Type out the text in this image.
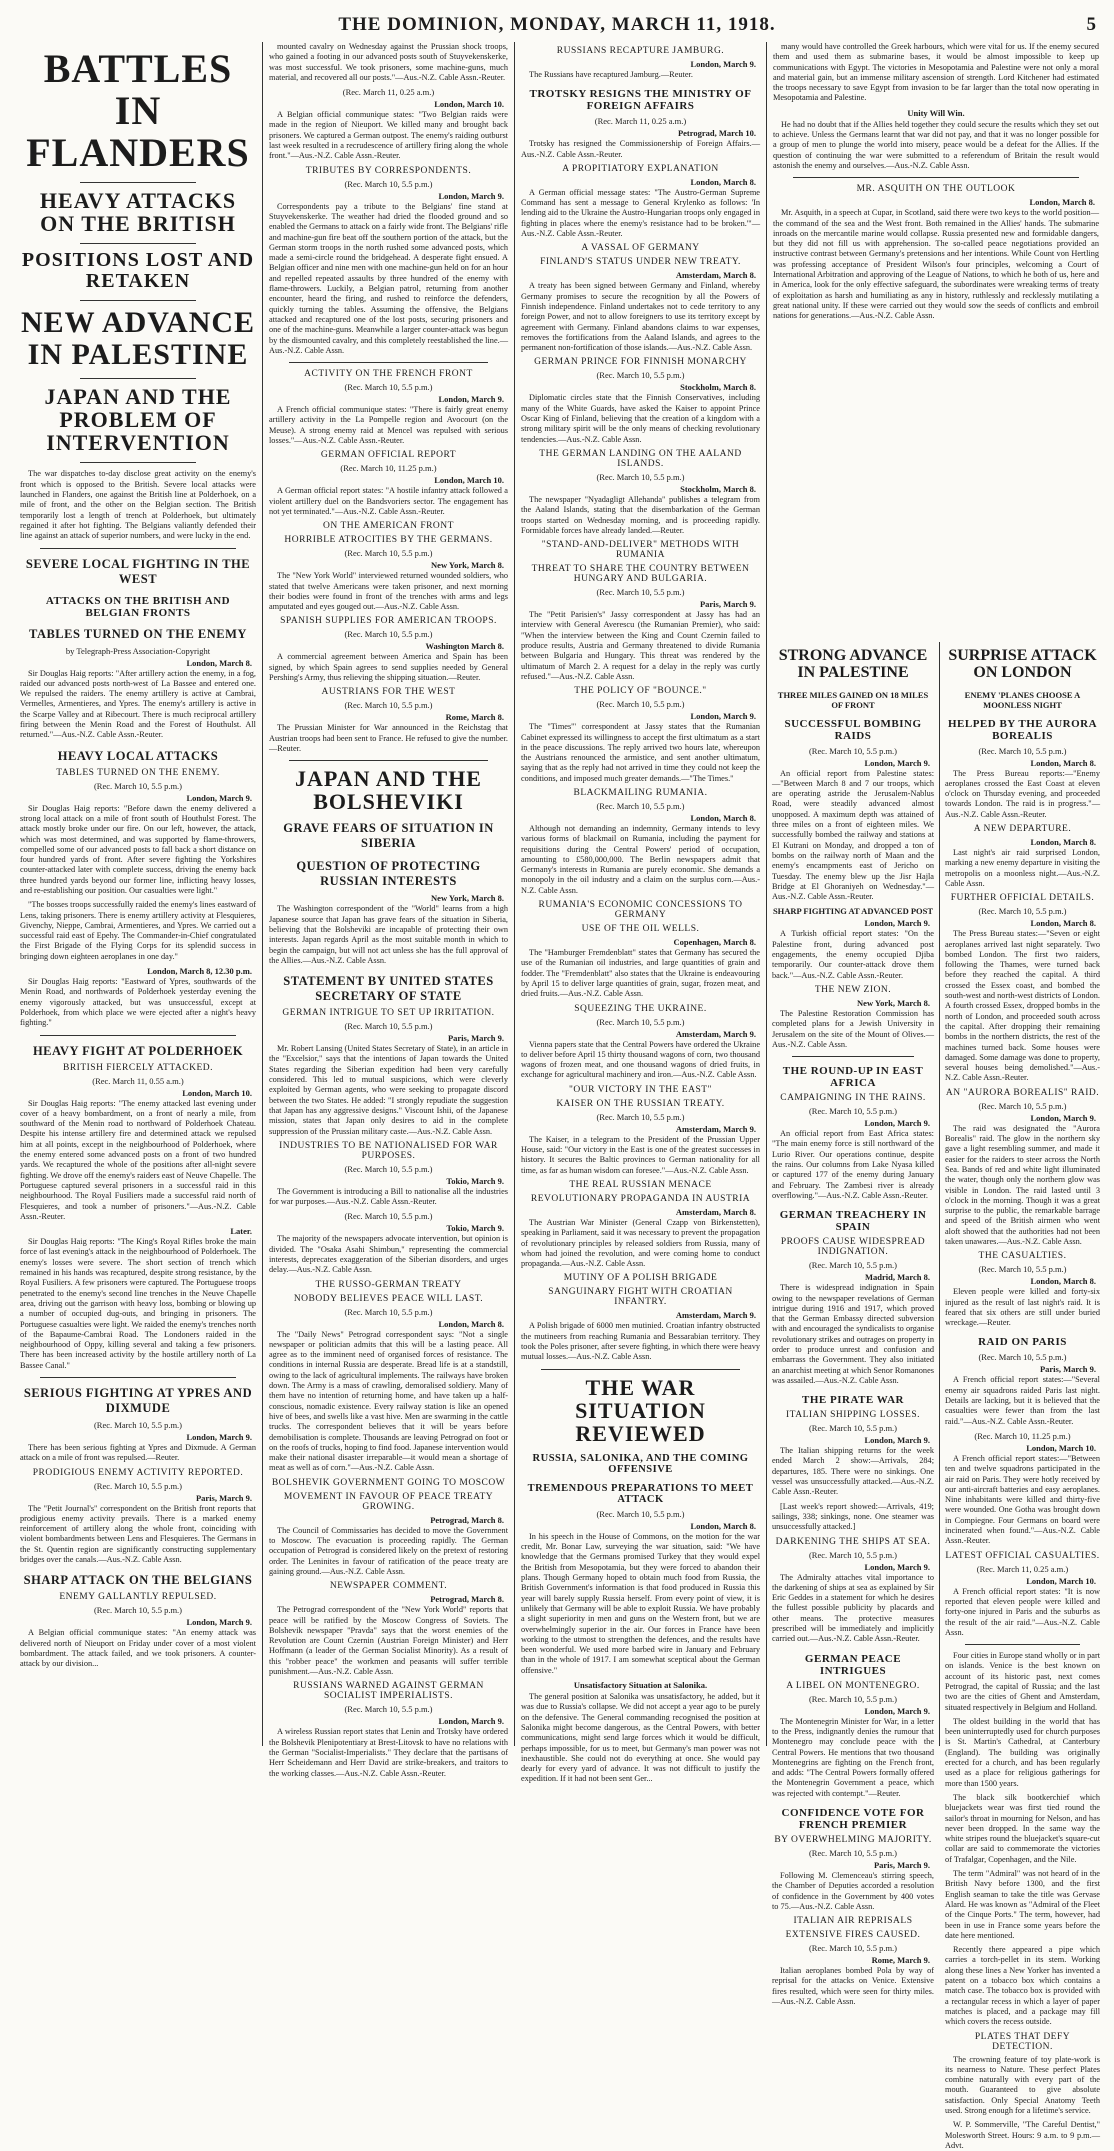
THE DOMINION, MONDAY, MARCH 11, 1918.	5
BATTLES IN FLANDERS
HEAVY ATTACKS ON THE BRITISH
POSITIONS LOST AND RETAKEN
NEW ADVANCE IN PALESTINE
JAPAN AND THE PROBLEM OF INTERVENTION

The war dispatches to-day disclose great activity on the enemy's front which is opposed to the British. Severe local attacks were launched in Flanders, one against the British line at Polderhoek, on a mile of front, and the other on the Belgian section. The British temporarily lost a length of trench at Polderhoek, but ultimately regained it after hot fighting. The Belgians valiantly defended their line against an attack of superior numbers, and were lucky in the end.

SEVERE LOCAL FIGHTING IN THE WEST
ATTACKS ON THE BRITISH AND BELGIAN FRONTS
TABLES TURNED ON THE ENEMY
by Telegraph-Press Association-Copyright
London, March 8.

Sir Douglas Haig reports: "After artillery action the enemy, in a fog, raided our advanced posts north-west of La Bassee and entered one. We repulsed the raiders. The enemy artillery is active at Cambrai, Vermelles, Armentieres, and Ypres. The enemy's artillery is active in the Scarpe Valley and at Ribecourt. There is much reciprocal artillery firing between the Menin Road and the Forest of Houthulst. All returned."—Aus.-N.Z. Cable Assn.-Reuter.

HEAVY LOCAL ATTACKS
TABLES TURNED ON THE ENEMY.
(Rec. March 10, 5.5 p.m.)
London, March 9.

Sir Douglas Haig reports: "Before dawn the enemy delivered a strong local attack on a mile of front south of Houthulst Forest. The attack mostly broke under our fire. On our left, however, the attack, which was most determined, and was supported by flame-throwers, compelled some of our advanced posts to fall back a short distance on four hundred yards of front. After severe fighting the Yorkshires counter-attacked later with complete success, driving the enemy back three hundred yards beyond our former line, inflicting heavy losses, and re-establishing our position. Our casualties were light."

"The bosses troops successfully raided the enemy's lines eastward of Lens, taking prisoners. There is enemy artillery activity at Flesquieres, Givenchy, Nieppe, Cambrai, Armentieres, and Ypres. We carried out a successful raid east of Epehy. The Commander-in-Chief congratulated the First Brigade of the Flying Corps for its splendid success in bringing down eighteen aeroplanes in one day."

London, March 8, 12.30 p.m.

Sir Douglas Haig reports: "Eastward of Ypres, southwards of the Menin Road, and northwards of Polderhoek yesterday evening the enemy vigorously attacked, but was unsuccessful, except at Polderhoek, from which place we were ejected after a night's heavy fighting."

HEAVY FIGHT AT POLDERHOEK
BRITISH FIERCELY ATTACKED.
(Rec. March 11, 0.55 a.m.)
London, March 10.

Sir Douglas Haig reports: "The enemy attacked last evening under cover of a heavy bombardment, on a front of nearly a mile, from southward of the Menin road to northward of Polderhoek Chateau. Despite his intense artillery fire and determined attack we repulsed him at all points, except in the neighbourhood of Polderhoek, where the enemy entered some advanced posts on a front of two hundred yards. We recaptured the whole of the positions after all-night severe fighting. We drove off the enemy's raiders east of Neuve Chapelle. The Portuguese captured several prisoners in a successful raid in this neighbourhood. The Royal Fusiliers made a successful raid north of Flesquieres, and took a number of prisoners."—Aus.-N.Z. Cable Assn.-Reuter.

Later.

Sir Douglas Haig reports: "The King's Royal Rifles broke the main force of last evening's attack in the neighbourhood of Polderhoek. The enemy's losses were severe. The short section of trench which remained in his hands was recaptured, despite strong resistance, by the Royal Fusiliers. A few prisoners were captured. The Portuguese troops penetrated to the enemy's second line trenches in the Neuve Chapelle area, driving out the garrison with heavy loss, bombing or blowing up a number of occupied dug-outs, and bringing in prisoners. The Portuguese casualties were light. We raided the enemy's trenches north of the Bapaume-Cambrai Road. The Londoners raided in the neighbourhood of Oppy, killing several and taking a few prisoners. There has been increased activity by the hostile artillery north of La Bassee Canal."

SERIOUS FIGHTING AT YPRES AND DIXMUDE
(Rec. March 10, 5.5 p.m.)
London, March 9.

There has been serious fighting at Ypres and Dixmude. A German attack on a mile of front was repulsed.—Reuter.

PRODIGIOUS ENEMY ACTIVITY REPORTED.
(Rec. March 10, 5.5 p.m.)
Paris, March 9.

The "Petit Journal's" correspondent on the British front reports that prodigious enemy activity prevails. There is a marked enemy reinforcement of artillery along the whole front, coinciding with violent bombardments between Lens and Flesquieres. The Germans in the St. Quentin region are significantly constructing supplementary bridges over the canals.—Aus.-N.Z. Cable Assn.

SHARP ATTACK ON THE BELGIANS
ENEMY GALLANTLY REPULSED.
(Rec. March 10, 5.5 p.m.)
London, March 9.

A Belgian official communique states: "An enemy attack was delivered north of Nieuport on Friday under cover of a most violent bombardment. The attack failed, and we took prisoners. A counter-attack by our division...

mounted cavalry on Wednesday against the Prussian shock troops, who gained a footing in our advanced posts south of Stuyvekenskerke, was most successful. We took prisoners, some machine-guns, much material, and recovered all our posts."—Aus.-N.Z. Cable Assn.-Reuter.

(Rec. March 11, 0.25 a.m.)
London, March 10.

A Belgian official communique states: "Two Belgian raids were made in the region of Nieuport. We killed many and brought back prisoners. We captured a German outpost. The enemy's raiding outburst last week resulted in a recrudescence of artillery firing along the whole front."—Aus.-N.Z. Cable Assn.-Reuter.

TRIBUTES BY CORRESPONDENTS.
(Rec. March 10, 5.5 p.m.)
London, March 9.

Correspondents pay a tribute to the Belgians' fine stand at Stuyvekenskerke. The weather had dried the flooded ground and so enabled the Germans to attack on a fairly wide front. The Belgians' rifle and machine-gun fire beat off the southern portion of the attack, but the German storm troops in the north rushed some advanced posts, which made a semi-circle round the bridgehead. A desperate fight ensued. A Belgian officer and nine men with one machine-gun held on for an hour and repelled repeated assaults by three hundred of the enemy with flame-throwers. Luckily, a Belgian patrol, returning from another encounter, heard the firing, and rushed to reinforce the defenders, quickly turning the tables. Assuming the offensive, the Belgians attacked and recaptured one of the lost posts, securing prisoners and one of the machine-guns. Meanwhile a larger counter-attack was begun by the dismounted cavalry, and this completely reestablished the line.—Aus.-N.Z. Cable Assn.

ACTIVITY ON THE FRENCH FRONT
(Rec. March 10, 5.5 p.m.)
London, March 9.

A French official communique states: "There is fairly great enemy artillery activity in the La Pompelle region and Avocourt (on the Meuse). A strong enemy raid at Mencel was repulsed with serious losses."—Aus.-N.Z. Cable Assn.-Reuter.

GERMAN OFFICIAL REPORT
(Rec. March 10, 11.25 p.m.)
London, March 10.

A German official report states: "A hostile infantry attack followed a violent artillery duel on the Bandsvoriers sector. The engagement has not yet terminated."—Aus.-N.Z. Cable Assn.-Reuter.

ON THE AMERICAN FRONT
HORRIBLE ATROCITIES BY THE GERMANS.
(Rec. March 10, 5.5 p.m.)
New York, March 8.

The "New York World" interviewed returned wounded soldiers, who stated that twelve Americans were taken prisoner, and next morning their bodies were found in front of the trenches with arms and legs amputated and eyes gouged out.—Aus.-N.Z. Cable Assn.

SPANISH SUPPLIES FOR AMERICAN TROOPS.
(Rec. March 10, 5.5 p.m.)
Washington March 8.

A commercial agreement between America and Spain has been signed, by which Spain agrees to send supplies needed by General Pershing's Army, thus relieving the shipping situation.—Reuter.

AUSTRIANS FOR THE WEST
(Rec. March 10, 5.5 p.m.)
Rome, March 8.

The Prussian Minister for War announced in the Reichstag that Austrian troops had been sent to France. He refused to give the number.—Reuter.

JAPAN AND THE BOLSHEVIKI
GRAVE FEARS OF SITUATION IN SIBERIA
QUESTION OF PROTECTING RUSSIAN INTERESTS
New York, March 8.

The Washington correspondent of the "World" learns from a high Japanese source that Japan has grave fears of the situation in Siberia, believing that the Bolsheviki are incapable of protecting their own interests. Japan regards April as the most suitable month in which to begin the campaign, but will not act unless she has the full approval of the Allies.—Aus.-N.Z. Cable Assn.

STATEMENT BY UNITED STATES SECRETARY OF STATE
GERMAN INTRIGUE TO SET UP IRRITATION.
(Rec. March 10, 5.5 p.m.)
Paris, March 9.

Mr. Robert Lansing (United States Secretary of State), in an article in the "Excelsior," says that the intentions of Japan towards the United States regarding the Siberian expedition had been very carefully considered. This led to mutual suspicions, which were cleverly exploited by German agents, who were seeking to propagate discord between the two States. He added: "I strongly repudiate the suggestion that Japan has any aggressive designs." Viscount Ishii, of the Japanese mission, states that Japan only desires to aid in the complete suppression of the Prussian military caste.—Aus.-N.Z. Cable Assn.

INDUSTRIES TO BE NATIONALISED FOR WAR PURPOSES.
(Rec. March 10, 5.5 p.m.)
Tokio, March 9.

The Government is introducing a Bill to nationalise all the industries for war purposes.—Aus.-N.Z. Cable Assn.-Reuter.

(Rec. March 10, 5.5 p.m.)
Tokio, March 9.

The majority of the newspapers advocate intervention, but opinion is divided. The "Osaka Asahi Shimbun," representing the commercial interests, deprecates exaggeration of the Siberian disorders, and urges delay.—Aus.-N.Z. Cable Assn.

THE RUSSO-GERMAN TREATY
NOBODY BELIEVES PEACE WILL LAST.
(Rec. March 10, 5.5 p.m.)
London, March 8.

The "Daily News" Petrograd correspondent says: "Not a single newspaper or politician admits that this will be a lasting peace. All agree as to the imminent need of organised forces of resistance. The conditions in internal Russia are desperate. Bread life is at a standstill, owing to the lack of agricultural implements. The railways have broken down. The Army is a mass of crawling, demoralised soldiery. Many of them have no intention of returning home, and have taken up a half-conscious, nomadic existence. Every railway station is like an opened hive of bees, and swells like a vast hive. Men are swarming in the cattle trucks. The correspondent believes that it will be years before demobilisation is complete. Thousands are leaving Petrograd on foot or on the roofs of trucks, hoping to find food. Japanese intervention would make their national disaster irreparable—it would mean a shortage of meat as well as of corn."—Aus.-N.Z. Cable Assn.

BOLSHEVIK GOVERNMENT GOING TO MOSCOW
MOVEMENT IN FAVOUR OF PEACE TREATY GROWING.
Petrograd, March 8.

The Council of Commissaries has decided to move the Government to Moscow. The evacuation is proceeding rapidly. The German occupation of Petrograd is considered likely on the pretext of restoring order. The Leninites in favour of ratification of the peace treaty are gaining ground.—Aus.-N.Z. Cable Assn.

NEWSPAPER COMMENT.
Petrograd, March 8.

The Petrograd correspondent of the "New York World" reports that peace will be ratified by the Moscow Congress of Soviets. The Bolshevik newspaper "Pravda" says that the worst enemies of the Revolution are Count Czernin (Austrian Foreign Minister) and Herr Hoffmann (a leader of the German Socialist Minority). As a result of this "robber peace" the workmen and peasants will suffer terrible punishment.—Aus.-N.Z. Cable Assn.

RUSSIANS WARNED AGAINST GERMAN SOCIALIST IMPERIALISTS.
(Rec. March 10, 5.5 p.m.)
London, March 9.

A wireless Russian report states that Lenin and Trotsky have ordered the Bolshevik Plenipotentiary at Brest-Litovsk to have no relations with the German "Socialist-Imperialists." They declare that the partisans of Herr Scheidemann and Herr David are strike-breakers, and traitors to the working classes.—Aus.-N.Z. Cable Assn.-Reuter.

RUSSIANS RECAPTURE JAMBURG.
London, March 9.

The Russians have recaptured Jamburg.—Reuter.

TROTSKY RESIGNS THE MINISTRY OF FOREIGN AFFAIRS
(Rec. March 11, 0.25 a.m.)
Petrograd, March 10.

Trotsky has resigned the Commissionership of Foreign Affairs.—Aus.-N.Z. Cable Assn.-Reuter.

A PROPITIATORY EXPLANATION
London, March 8.

A German official message states: "The Austro-German Supreme Command has sent a message to General Krylenko as follows: 'In lending aid to the Ukraine the Austro-Hungarian troops only engaged in fighting in places where the enemy's resistance had to be broken.'"—Aus.-N.Z. Cable Assn.-Reuter.

A VASSAL OF GERMANY
FINLAND'S STATUS UNDER NEW TREATY.
Amsterdam, March 8.

A treaty has been signed between Germany and Finland, whereby Germany promises to secure the recognition by all the Powers of Finnish independence. Finland undertakes not to cede territory to any foreign Power, and not to allow foreigners to use its territory except by agreement with Germany. Finland abandons claims to war expenses, removes the fortifications from the Aaland Islands, and agrees to the permanent non-fortification of those islands.—Aus.-N.Z. Cable Assn.

GERMAN PRINCE FOR FINNISH MONARCHY
(Rec. March 10, 5.5 p.m.)
Stockholm, March 8.

Diplomatic circles state that the Finnish Conservatives, including many of the White Guards, have asked the Kaiser to appoint Prince Oscar King of Finland, believing that the creation of a kingdom with a strong military spirit will be the only means of checking revolutionary tendencies.—Aus.-N.Z. Cable Assn.

THE GERMAN LANDING ON THE AALAND ISLANDS.
(Rec. March 10, 5.5 p.m.)
Stockholm, March 8.

The newspaper "Nyadagligt Allehanda" publishes a telegram from the Aaland Islands, stating that the disembarkation of the German troops started on Wednesday morning, and is proceeding rapidly. Formidable forces have already landed.—Reuter.

"STAND-AND-DELIVER" METHODS WITH RUMANIA
THREAT TO SHARE THE COUNTRY BETWEEN HUNGARY AND BULGARIA.
(Rec. March 10, 5.5 p.m.)
Paris, March 9.

The "Petit Parisien's" Jassy correspondent at Jassy has had an interview with General Averescu (the Rumanian Premier), who said: "When the interview between the King and Count Czernin failed to produce results, Austria and Germany threatened to divide Rumania between Bulgaria and Hungary. This threat was rendered by the ultimatum of March 2. A request for a delay in the reply was curtly refused."—Aus.-N.Z. Cable Assn.

THE POLICY OF "BOUNCE."
(Rec. March 10, 5.5 p.m.)
London, March 9.

The "Times'" correspondent at Jassy states that the Rumanian Cabinet expressed its willingness to accept the first ultimatum as a start in the peace discussions. The reply arrived two hours late, whereupon the Austrians renounced the armistice, and sent another ultimatum, saying that as the reply had not arrived in time they could not keep the conditions, and imposed much greater demands.—"The Times."

BLACKMAILING RUMANIA.
(Rec. March 10, 5.5 p.m.)
London, March 8.

Although not demanding an indemnity, Germany intends to levy various forms of blackmail on Rumania, including the payment for requisitions during the Central Powers' period of occupation, amounting to £580,000,000. The Berlin newspapers admit that Germany's interests in Rumania are purely economic. She demands a monopoly in the oil industry and a claim on the surplus corn.—Aus.-N.Z. Cable Assn.

RUMANIA'S ECONOMIC CONCESSIONS TO GERMANY
USE OF THE OIL WELLS.
Copenhagen, March 8.

The "Hamburger Fremdenblatt" states that Germany has secured the use of the Rumanian oil industries, and large quantities of grain and fodder. The "Fremdenblatt" also states that the Ukraine is endeavouring by April 15 to deliver large quantities of grain, sugar, frozen meat, and dried fruits.—Aus.-N.Z. Cable Assn.

SQUEEZING THE UKRAINE.
(Rec. March 10, 5.5 p.m.)
Amsterdam, March 9.

Vienna papers state that the Central Powers have ordered the Ukraine to deliver before April 15 thirty thousand wagons of corn, two thousand wagons of frozen meat, and one thousand wagons of dried fruits, in exchange for agricultural machinery and iron.—Aus.-N.Z. Cable Assn.

"OUR VICTORY IN THE EAST"
KAISER ON THE RUSSIAN TREATY.
(Rec. March 10, 5.5 p.m.)
Amsterdam, March 9.

The Kaiser, in a telegram to the President of the Prussian Upper House, said: "Our victory in the East is one of the greatest successes in history. It secures the Baltic provinces to German nationality for all time, as far as human wisdom can foresee."—Aus.-N.Z. Cable Assn.

THE REAL RUSSIAN MENACE
REVOLUTIONARY PROPAGANDA IN AUSTRIA
Amsterdam, March 8.

The Austrian War Minister (General Czapp von Birkenstetten), speaking in Parliament, said it was necessary to prevent the propagation of revolutionary principles by released soldiers from Russia, many of whom had joined the revolution, and were coming home to conduct propaganda.—Aus.-N.Z. Cable Assn.

MUTINY OF A POLISH BRIGADE
SANGUINARY FIGHT WITH CROATIAN INFANTRY.
Amsterdam, March 9.

A Polish brigade of 6000 men mutinied. Croatian infantry obstructed the mutineers from reaching Rumania and Bessarabian territory. They took the Poles prisoner, after severe fighting, in which there were heavy mutual losses.—Aus.-N.Z. Cable Assn.

THE WAR SITUATION REVIEWED
RUSSIA, SALONIKA, AND THE COMING OFFENSIVE
TREMENDOUS PREPARATIONS TO MEET ATTACK
(Rec. March 10, 5.5 p.m.)
London, March 8.

In his speech in the House of Commons, on the motion for the war credit, Mr. Bonar Law, surveying the war situation, said: "We have knowledge that the Germans promised Turkey that they would expel the British from Mesopotamia, but they were forced to abandon their plans. Though Germany hoped to obtain much food from Russia, the British Government's information is that food produced in Russia this year will barely supply Russia herself. From every point of view, it is unlikely that Germany will be able to exploit Russia. We have probably a slight superiority in men and guns on the Western front, but we are overwhelmingly superior in the air. Our forces in France have been working to the utmost to strengthen the defences, and the results have been wonderful. We used more barbed wire in January and February than in the whole of 1917. I am somewhat sceptical about the German offensive."

Unsatisfactory Situation at Salonika.

The general position at Salonika was unsatisfactory, he added, but it was due to Russia's collapse. We did not accept a year ago to be purely on the defensive. The General commanding recognised the position at Salonika might become dangerous, as the Central Powers, with better communications, might send large forces which it would be difficult, perhaps impossible, for us to meet, but Germany's man power was not inexhaustible. She could not do everything at once. She would pay dearly for every yard of advance. It was not difficult to justify the expedition. If it had not been sent Ger...

many would have controlled the Greek harbours, which were vital for us. If the enemy secured them and used them as submarine bases, it would be almost impossible to keep up communications with Egypt. The victories in Mesopotamia and Palestine were not only a moral and material gain, but an immense military ascension of strength. Lord Kitchener had estimated the troops necessary to save Egypt from invasion to be far larger than the total now operating in Mesopotamia and Palestine.

Unity Will Win.

He had no doubt that if the Allies held together they could secure the results which they set out to achieve. Unless the Germans learnt that war did not pay, and that it was no longer possible for a group of men to plunge the world into misery, peace would be a defeat for the Allies. If the question of continuing the war were submitted to a referendum of Britain the result would astonish the enemy and ourselves.—Aus.-N.Z. Cable Assn.

MR. ASQUITH ON THE OUTLOOK
London, March 8.

Mr. Asquith, in a speech at Cupar, in Scotland, said there were two keys to the world position—the command of the sea and the West front. Both remained in the Allies' hands. The submarine inroads on the mercantile marine would collapse. Russia presented new and formidable dangers, but they did not fill us with apprehension. The so-called peace negotiations provided an instructive contrast between Germany's pretensions and her intentions. While Count von Hertling was professing acceptance of President Wilson's four principles, welcoming a Court of International Arbitration and approving of the League of Nations, to which he both of us, here and in America, look for the only effective safeguard, the subordinates were wreaking terms of treaty of exploitation as harsh and humiliating as any in history, ruthlessly and recklessly mutilating a great national unity. If these were carried out they would sow the seeds of conflicts and embroil nations for generations.—Aus.-N.Z. Cable Assn.

STRONG ADVANCE IN PALESTINE
THREE MILES GAINED ON 18 MILES OF FRONT
SUCCESSFUL BOMBING RAIDS
(Rec. March 10, 5.5 p.m.)
London, March 9.

An official report from Palestine states:—"Between March 8 and 7 our troops, which are operating astride the Jerusalem-Nablus Road, were steadily advanced almost unopposed. A maximum depth was attained of three miles on a front of eighteen miles. We successfully bombed the railway and stations at El Kutrani on Monday, and dropped a ton of bombs on the railway north of Maan and the enemy's encampments east of Jericho on Tuesday. The enemy blew up the Jisr Hajla Bridge at El Ghoraniyeh on Wednesday."—Aus.-N.Z. Cable Assn.-Reuter.

SHARP FIGHTING AT ADVANCED POST
London, March 9.

A Turkish official report states: "On the Palestine front, during advanced post engagements, the enemy occupied Djiba temporarily. Our counter-attack drove them back."—Aus.-N.Z. Cable Assn.-Reuter.

THE NEW ZION.
New York, March 8.

The Palestine Restoration Commission has completed plans for a Jewish University in Jerusalem on the site of the Mount of Olives.—Aus.-N.Z. Cable Assn.

THE ROUND-UP IN EAST AFRICA
CAMPAIGNING IN THE RAINS.
(Rec. March 10, 5.5 p.m.)
London, March 9.

An official report from East Africa states: "The main enemy force is still northward of the Lurio River. Our operations continue, despite the rains. Our columns from Lake Nyasa killed or captured 177 of the enemy during January and February. The Zambesi river is already overflowing."—Aus.-N.Z. Cable Assn.-Reuter.

GERMAN TREACHERY IN SPAIN
PROOFS CAUSE WIDESPREAD INDIGNATION.
(Rec. March 10, 5.5 p.m.)
Madrid, March 8.

There is widespread indignation in Spain owing to the newspaper revelations of German intrigue during 1916 and 1917, which proved that the German Embassy directed subversion with and encouraged the syndicalists to organise revolutionary strikes and outrages on property in order to produce unrest and confusion and embarrass the Government. They also initiated an anarchist meeting at which Senor Romanones was assailed.—Aus.-N.Z. Cable Assn.

THE PIRATE WAR
ITALIAN SHIPPING LOSSES.
(Rec. March 10, 5.5 p.m.)
London, March 9.

The Italian shipping returns for the week ended March 2 show:—Arrivals, 284; departures, 185. There were no sinkings. One vessel was unsuccessfully attacked.—Aus.-N.Z. Cable Assn.-Reuter.

[Last week's report showed:—Arrivals, 419; sailings, 338; sinkings, none. One steamer was unsuccessfully attacked.]

DARKENING THE SHIPS AT SEA.
(Rec. March 10, 5.5 p.m.)
London, March 9.

The Admiralty attaches vital importance to the darkening of ships at sea as explained by Sir Eric Geddes in a statement for which he desires the fullest possible publicity by placards and other means. The protective measures prescribed will be immediately and implicitly carried out.—Aus.-N.Z. Cable Assn.-Reuter.

GERMAN PEACE INTRIGUES
A LIBEL ON MONTENEGRO.
(Rec. March 10, 5.5 p.m.)
London, March 9.

The Montenegrin Minister for War, in a letter to the Press, indignantly denies the rumour that Montenegro may conclude peace with the Central Powers. He mentions that two thousand Montenegrins are fighting on the French front, and adds: "The Central Powers formally offered the Montenegrin Government a peace, which was rejected with contempt."—Reuter.

CONFIDENCE VOTE FOR FRENCH PREMIER
BY OVERWHELMING MAJORITY.
(Rec. March 10, 5.5 p.m.)
Paris, March 9.

Following M. Clemenceau's stirring speech, the Chamber of Deputies accorded a resolution of confidence in the Government by 400 votes to 75.—Aus.-N.Z. Cable Assn.

ITALIAN AIR REPRISALS
EXTENSIVE FIRES CAUSED.
(Rec. March 10, 5.5 p.m.)
Rome, March 9.

Italian aeroplanes bombed Pola by way of reprisal for the attacks on Venice. Extensive fires resulted, which were seen for thirty miles.—Aus.-N.Z. Cable Assn.

SURPRISE ATTACK ON LONDON
ENEMY 'PLANES CHOOSE A MOONLESS NIGHT
HELPED BY THE AURORA BOREALIS
(Rec. March 10, 5.5 p.m.)
London, March 8.

The Press Bureau reports:—"Enemy aeroplanes crossed the East Coast at eleven o'clock on Thursday evening, and proceeded towards London. The raid is in progress."—Aus.-N.Z. Cable Assn.-Reuter.

A NEW DEPARTURE.
London, March 8.

Last night's air raid surprised London, marking a new enemy departure in visiting the metropolis on a moonless night.—Aus.-N.Z. Cable Assn.

FURTHER OFFICIAL DETAILS.
(Rec. March 10, 5.5 p.m.)
London, March 8.

The Press Bureau states:—"Seven or eight aeroplanes arrived last night separately. Two bombed London. The first two raiders, following the Thames, were turned back before they reached the capital. A third crossed the Essex coast, and bombed the south-west and north-west districts of London. A fourth crossed Essex, dropped bombs in the north of London, and proceeded south across the capital. After dropping their remaining bombs in the northern districts, the rest of the machines turned back. Some houses were damaged. Some damage was done to property, several houses being demolished."—Aus.-N.Z. Cable Assn.-Reuter.

AN "AURORA BOREALIS" RAID.
(Rec. March 10, 5.5 p.m.)
London, March 9.

The raid was designated the "Aurora Borealis" raid. The glow in the northern sky gave a light resembling summer, and made it easier for the raiders to steer across the North Sea. Bands of red and white light illuminated the water, though only the northern glow was visible in London. The raid lasted until 3 o'clock in the morning. Though it was a great surprise to the public, the remarkable barrage and speed of the British airmen who went aloft showed that the authorities had not been taken unawares.—Aus.-N.Z. Cable Assn.

THE CASUALTIES.
(Rec. March 10, 5.5 p.m.)
London, March 8.

Eleven people were killed and forty-six injured as the result of last night's raid. It is feared that six others are still under buried wreckage.—Reuter.

RAID ON PARIS
(Rec. March 10, 5.5 p.m.)
Paris, March 9.

A French official report states:—"Several enemy air squadrons raided Paris last night. Details are lacking, but it is believed that the casualties were fewer than from the last raid."—Aus.-N.Z. Cable Assn.-Reuter.

(Rec. March 10, 11.25 p.m.)
London, March 10.

A French official report states:—"Between ten and twelve squadrons participated in the air raid on Paris. They were hotly received by our anti-aircraft batteries and easy aeroplanes. Nine inhabitants were killed and thirty-five were wounded. One Gotha was brought down in Compiegne. Four Germans on board were incinerated when found."—Aus.-N.Z. Cable Assn.-Reuter.

LATEST OFFICIAL CASUALTIES.
(Rec. March 11, 0.25 a.m.)
London, March 10.

A French official report states: "It is now reported that eleven people were killed and forty-one injured in Paris and the suburbs as the result of the air raid."—Aus.-N.Z. Cable Assn.

Four cities in Europe stand wholly or in part on islands. Venice is the best known on account of its historic past, next comes Petrograd, the capital of Russia; and the last two are the cities of Ghent and Amsterdam, situated respectively in Belgium and Holland.

The oldest building in the world that has been uninterruptedly used for church purposes is St. Martin's Cathedral, at Canterbury (England). The building was originally erected for a church, and has been regularly used as a place for religious gatherings for more than 1500 years.

The black silk bootkerchief which bluejackets wear was first tied round the sailor's throat in mourning for Nelson, and has never been dropped. In the same way the white stripes round the bluejacket's square-cut collar are said to commemorate the victories of Trafalgar, Copenhagen, and the Nile.

The term "Admiral" was not heard of in the British Navy before 1300, and the first English seaman to take the title was Gervase Alard. He was known as "Admiral of the Fleet of the Cinque Ports." The term, however, had been in use in France some years before the date here mentioned.

Recently there appeared a pipe which carries a torch-pellet in its stem. Working along these lines a New Yorker has invented a patent on a tobacco box which contains a match case. The tobacco box is provided with a rectangular recess in which a layer of paper matches is placed, and a package may fill which covers the recess outside.

PLATES THAT DEFY DETECTION.

The crowning feature of toy plate-work is its nearness to Nature. These perfect Plates combine naturally with every part of the mouth. Guaranteed to give absolute satisfaction. Only Special Anatomy Teeth used. Strong enough for a lifetime's service.

W. P. Sommerville, "The Careful Dentist," Molesworth Street. Hours: 9 a.m. to 9 p.m.—Advt.
